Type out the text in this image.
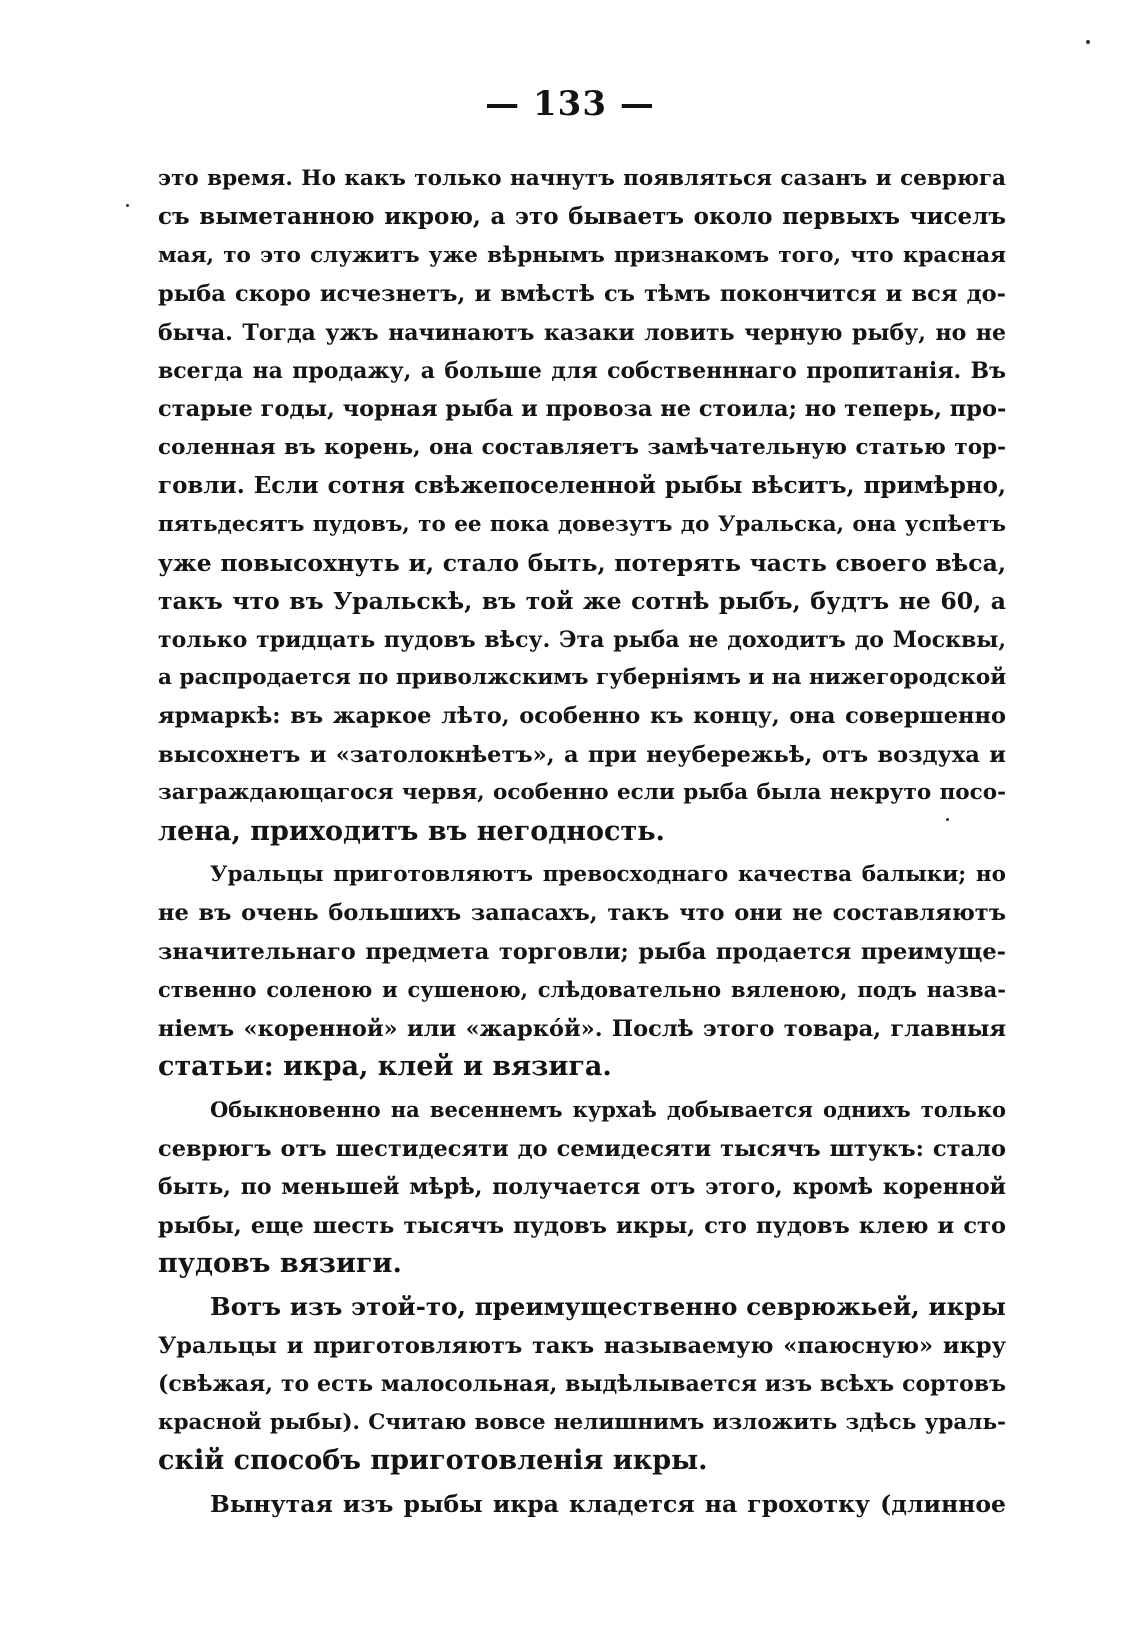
— 133 —
это время. Но какъ только начнутъ появляться сазанъ и севрюга
съ выметанною икрою, а это бываетъ около первыхъ чиселъ
мая, то это служитъ уже вѣрнымъ признакомъ того, что красная
рыба скоро исчезнетъ, и вмѣстѣ съ тѣмъ покончится и вся до-
быча. Тогда ужъ начинаютъ казаки ловить черную рыбу, но не
всегда на продажу, а больше для собственннаго пропитанія. Въ
старые годы, чорная рыба и провоза не стоила; но теперь, про-
соленная въ корень, она составляетъ замѣчательную статью тор-
говли. Если сотня свѣжепоселенной рыбы вѣситъ, примѣрно,
пятьдесятъ пудовъ, то ее пока довезутъ до Уральска, она успѣетъ
уже повысохнуть и, стало быть, потерять часть своего вѣса,
такъ что въ Уральскѣ, въ той же сотнѣ рыбъ, будтъ не 60, а
только тридцать пудовъ вѣсу. Эта рыба не доходитъ до Москвы,
а распродается по приволжскимъ губерніямъ и на нижегородской
ярмаркѣ: въ жаркое лѣто, особенно къ концу, она совершенно
высохнетъ и «затолокнѣетъ», а при неубережьѣ, отъ воздуха и
заграждающагося червя, особенно если рыба была некруто посо-
лена, приходитъ въ негодность.
Уральцы приготовляютъ превосходнаго качества балыки; но
не въ очень большихъ запасахъ, такъ что они не составляютъ
значительнаго предмета торговли; рыба продается преимуще-
ственно соленою и сушеною, слѣдовательно вяленою, подъ назва-
ніемъ «коренной» или «жаркóй». Послѣ этого товара, главныя
статьи: икра, клей и вязига.
Обыкновенно на весеннемъ курхаѣ добывается однихъ только
севрюгъ отъ шестидесяти до семидесяти тысячъ штукъ: стало
быть, по меньшей мѣрѣ, получается отъ этого, кромѣ коренной
рыбы, еще шесть тысячъ пудовъ икры, сто пудовъ клею и сто
пудовъ вязиги.
Вотъ изъ этой-то, преимущественно севрюжьей, икры
Уральцы и приготовляютъ такъ называемую «паюсную» икру
(свѣжая, то есть малосольная, выдѣлывается изъ всѣхъ сортовъ
красной рыбы). Считаю вовсе нелишнимъ изложить здѣсь ураль-
скій способъ приготовленія икры.
Вынутая изъ рыбы икра кладется на грохотку (длинное
